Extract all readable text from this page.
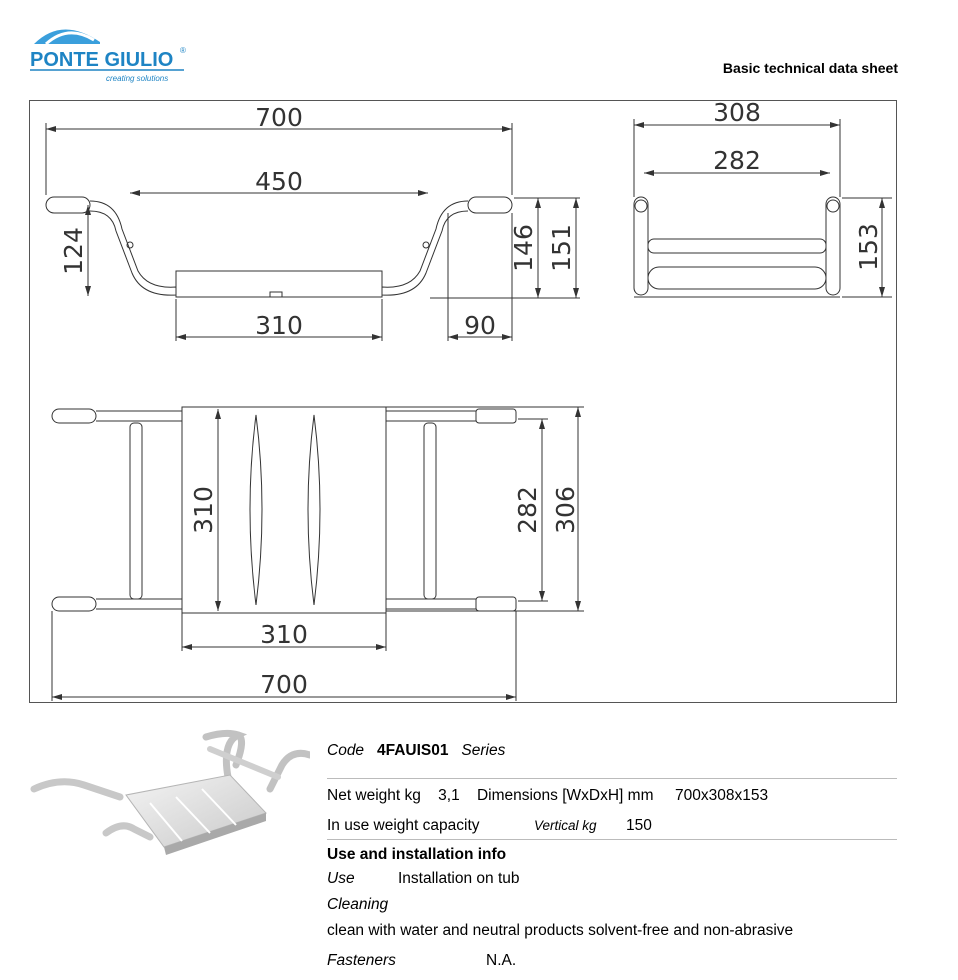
PONTE GIULIO ®
creating solutions
Basic technical data sheet
700
450
124	146 151
310	90
308
282
153
310	282 306
310
700
Code 4FAUIS01 Series
Net weight kg 3,1 Dimensions [WxDxH] mm 700x308x153
In use weight capacity	Vertical kg 150
Use and installation info
Use	Installation on tub
Cleaning
clean with water and neutral products solvent-free and non-abrasive
Fasteners	N.A.
